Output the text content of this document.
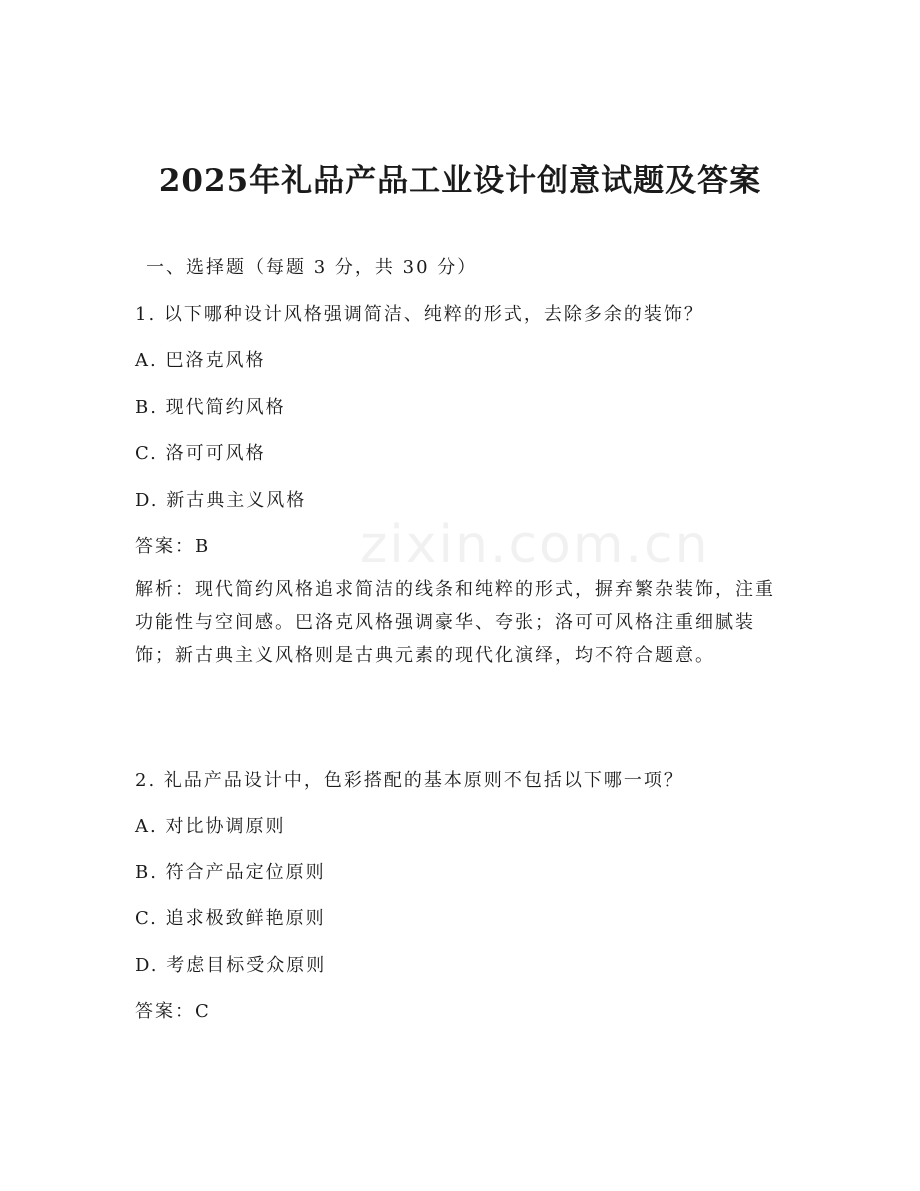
zixin.com.cn
2025年礼品产品工业设计创意试题及答案
一、选择题（每题 3 分，共 30 分）
1. 以下哪种设计风格强调简洁、纯粹的形式，去除多余的装饰？
A. 巴洛克风格
B. 现代简约风格
C. 洛可可风格
D. 新古典主义风格
答案：B
解析：现代简约风格追求简洁的线条和纯粹的形式，摒弃繁杂装饰，注重功能性与空间感。巴洛克风格强调豪华、夸张；洛可可风格注重细腻装饰；新古典主义风格则是古典元素的现代化演绎，均不符合题意。
2. 礼品产品设计中，色彩搭配的基本原则不包括以下哪一项？
A. 对比协调原则
B. 符合产品定位原则
C. 追求极致鲜艳原则
D. 考虑目标受众原则
答案：C
